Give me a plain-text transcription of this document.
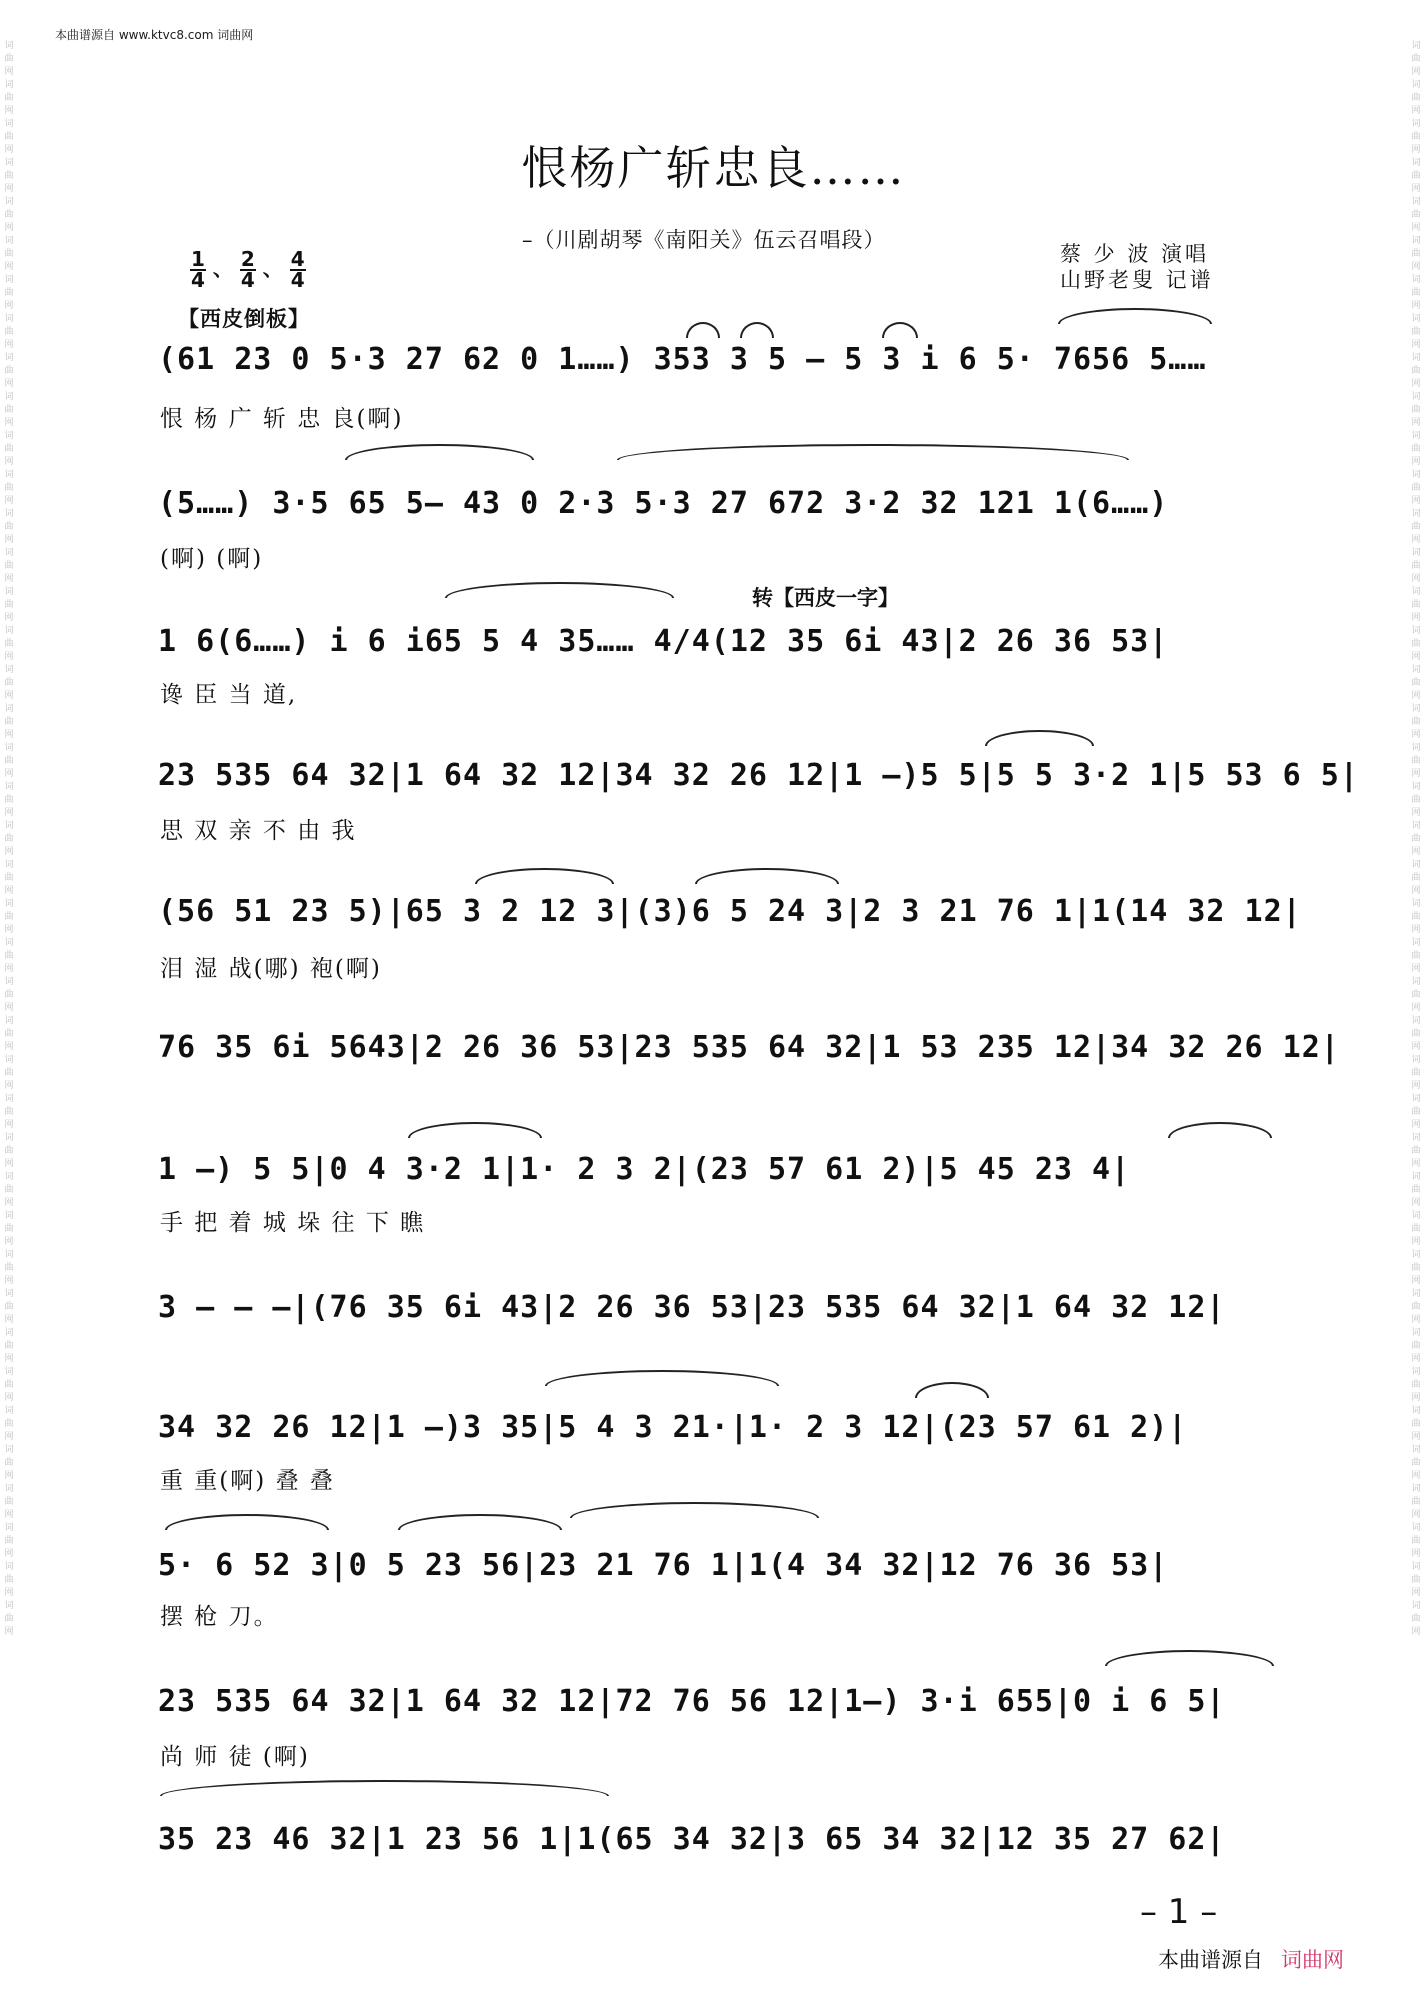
本曲谱源自 www.ktvc8.com 词曲网
词曲网词曲网词曲网词曲网词曲网词曲网词曲网词曲网词曲网词曲网词曲网词曲网词曲网词曲网词曲网词曲网词曲网词曲网词曲网词曲网词曲网词曲网词曲网词曲网词曲网词曲网词曲网词曲网词曲网词曲网词曲网词曲网词曲网词曲网词曲网词曲网词曲网词曲网词曲网词曲网词曲网
词曲网词曲网词曲网词曲网词曲网词曲网词曲网词曲网词曲网词曲网词曲网词曲网词曲网词曲网词曲网词曲网词曲网词曲网词曲网词曲网词曲网词曲网词曲网词曲网词曲网词曲网词曲网词曲网词曲网词曲网词曲网词曲网词曲网词曲网词曲网词曲网词曲网词曲网词曲网词曲网词曲网
恨杨广斩忠良……
–（川剧胡琴《南阳关》伍云召唱段）
蔡 少 波 演唱
山野老叟 记谱
$\frac{1}{4}$ 、 $\frac{2}{4}$ 、 $\frac{4}{4}$
【西皮倒板】
转【西皮一字】
(61 23 0 5·3 27 62 0 1……) 353 3 5 – 5 3 i 6 5· 7656 5……
恨 杨 广 斩 忠 良(啊)
(5……) 3·5 65 5– 43 0 2·3 5·3 27 672 3·2 32 121 1(6……)
(啊) (啊)
1 6(6……) i 6 i65 5 4 35…… 4/4(12 35 6i 43|2 26 36 53|
谗 臣 当 道,
23 535 64 32|1 64 32 12|34 32 26 12|1 –)5 5|5 5 3·2 1|5 53 6 5|
思 双 亲 不 由 我
(56 51 23 5)|65 3 2 12 3|(3)6 5 24 3|2 3 21 76 1|1(14 32 12|
泪 湿 战(哪) 袍(啊)
76 35 6i 5643|2 26 36 53|23 535 64 32|1 53 235 12|34 32 26 12|
1 –) 5 5|0 4 3·2 1|1· 2 3 2|(23 57 61 2)|5 45 23 4|
手 把 着 城 垛 往 下 瞧
3 – – –|(76 35 6i 43|2 26 36 53|23 535 64 32|1 64 32 12|
34 32 26 12|1 –)3 35|5 4 3 21·|1· 2 3 12|(23 57 61 2)|
重 重(啊) 叠 叠
5· 6 52 3|0 5 23 56|23 21 76 1|1(4 34 32|12 76 36 53|
摆 枪 刀。
23 535 64 32|1 64 32 12|72 76 56 12|1–) 3·i 655|0 i 6 5|
尚 师 徒 (啊)
35 23 46 32|1 23 56 1|1(65 34 32|3 65 34 32|12 35 27 62|
– 1 –
本曲谱源自 词曲网
